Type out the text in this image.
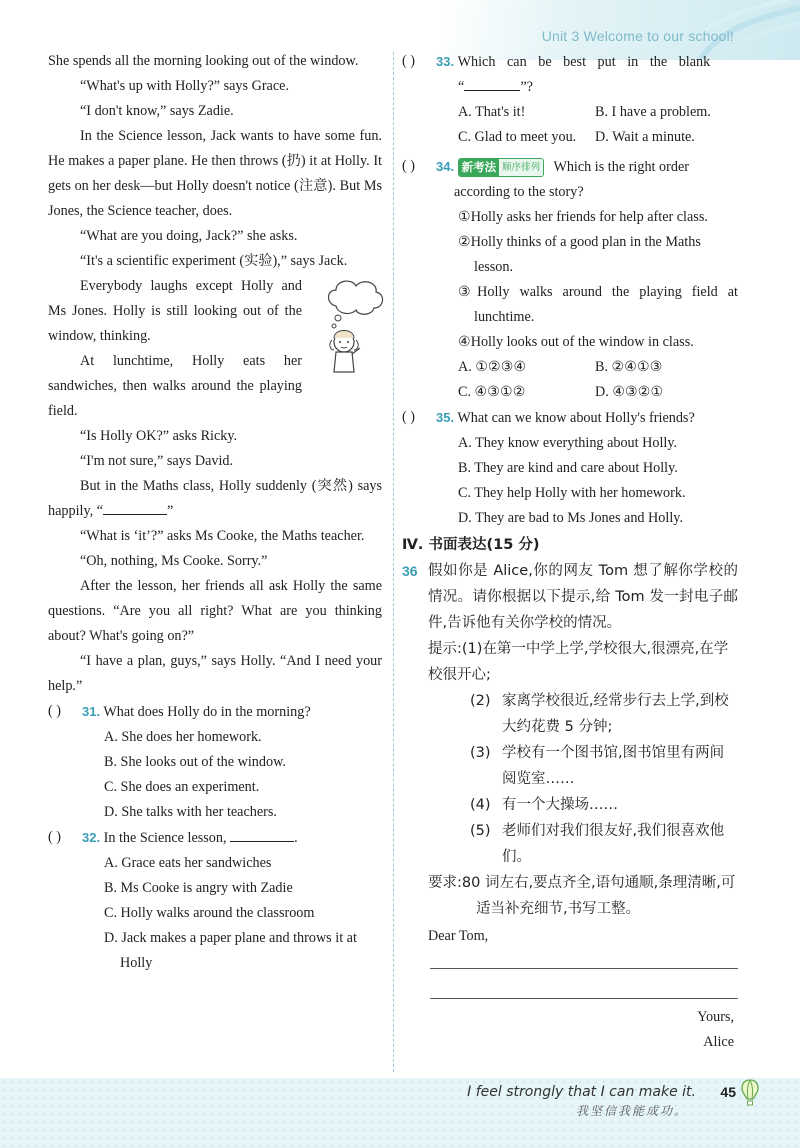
Unit 3 Welcome to our school!

She spends all the morning looking out of the window.

“What's up with Holly?” says Grace.

“I don't know,” says Zadie.

In the Science lesson, Jack wants to have some fun. He makes a paper plane. He then throws (扔) it at Holly. It gets on her desk—but Holly doesn't notice (注意). But Ms Jones, the Science teacher, does.

“What are you doing, Jack?” she asks.

“It's a scientific experiment (实验),” says Jack.

Everybody laughs except Holly and Ms Jones. Holly is still looking out of the window, thinking.

At lunchtime, Holly eats her sandwiches, then walks around the playing field.

“Is Holly OK?” asks Ricky.

“I'm not sure,” says David.

But in the Maths class, Holly suddenly (突然) says happily, “	”

“What is ‘it’?” asks Ms Cooke, the Maths teacher.

“Oh, nothing, Ms Cooke. Sorry.”

After the lesson, her friends all ask Holly the same questions. “Are you all right? What are you thinking about? What's going on?”

“I have a plan, guys,” says Holly. “And I need your help.”

( ) 31. What does Holly do in the morning?
A. She does her homework.
B. She looks out of the window.
C. She does an experiment.
D. She talks with her teachers.
( ) 32. In the Science lesson,	.
A. Grace eats her sandwiches
B. Ms Cooke is angry with Zadie
C. Holly walks around the classroom
D. Jack makes a paper plane and throws it at Holly
( ) 33. Which can be best put in the blank
“	”?
A. That's it!	B. I have a problem.
C. Glad to meet you.	D. Wait a minute.
( ) 34. 新考法 顺序排列 Which is the right order according to the story?
①Holly asks her friends for help after class.
②Holly thinks of a good plan in the Maths lesson.
③Holly walks around the playing field at lunchtime.
④Holly looks out of the window in class.
A. ①②③④	B. ②④①③
C. ④③①②	D. ④③②①
( ) 35. What can we know about Holly's friends?
A. They know everything about Holly.
B. They are kind and care about Holly.
C. They help Holly with her homework.
D. They are bad to Ms Jones and Holly.
Ⅳ. 书面表达(15 分)
36 假如你是 Alice,你的网友 Tom 想了解你学校的情况。请你根据以下提示,给 Tom 发一封电子邮件,告诉他有关你学校的情况。
提示:(1)在第一中学上学,学校很大,很漂亮,在学校很开心;
(2) 家离学校很近,经常步行去上学,到校大约花费 5 分钟;
(3) 学校有一个图书馆,图书馆里有两间阅览室……
(4) 有一个大操场……
(5) 老师们对我们很友好,我们很喜欢他们。
要求:80 词左右,要点齐全,语句通顺,条理清晰,可适当补充细节,书写工整。
Dear Tom,
Yours,
Alice
I feel strongly that I can make it.
我坚信我能成功。
45
